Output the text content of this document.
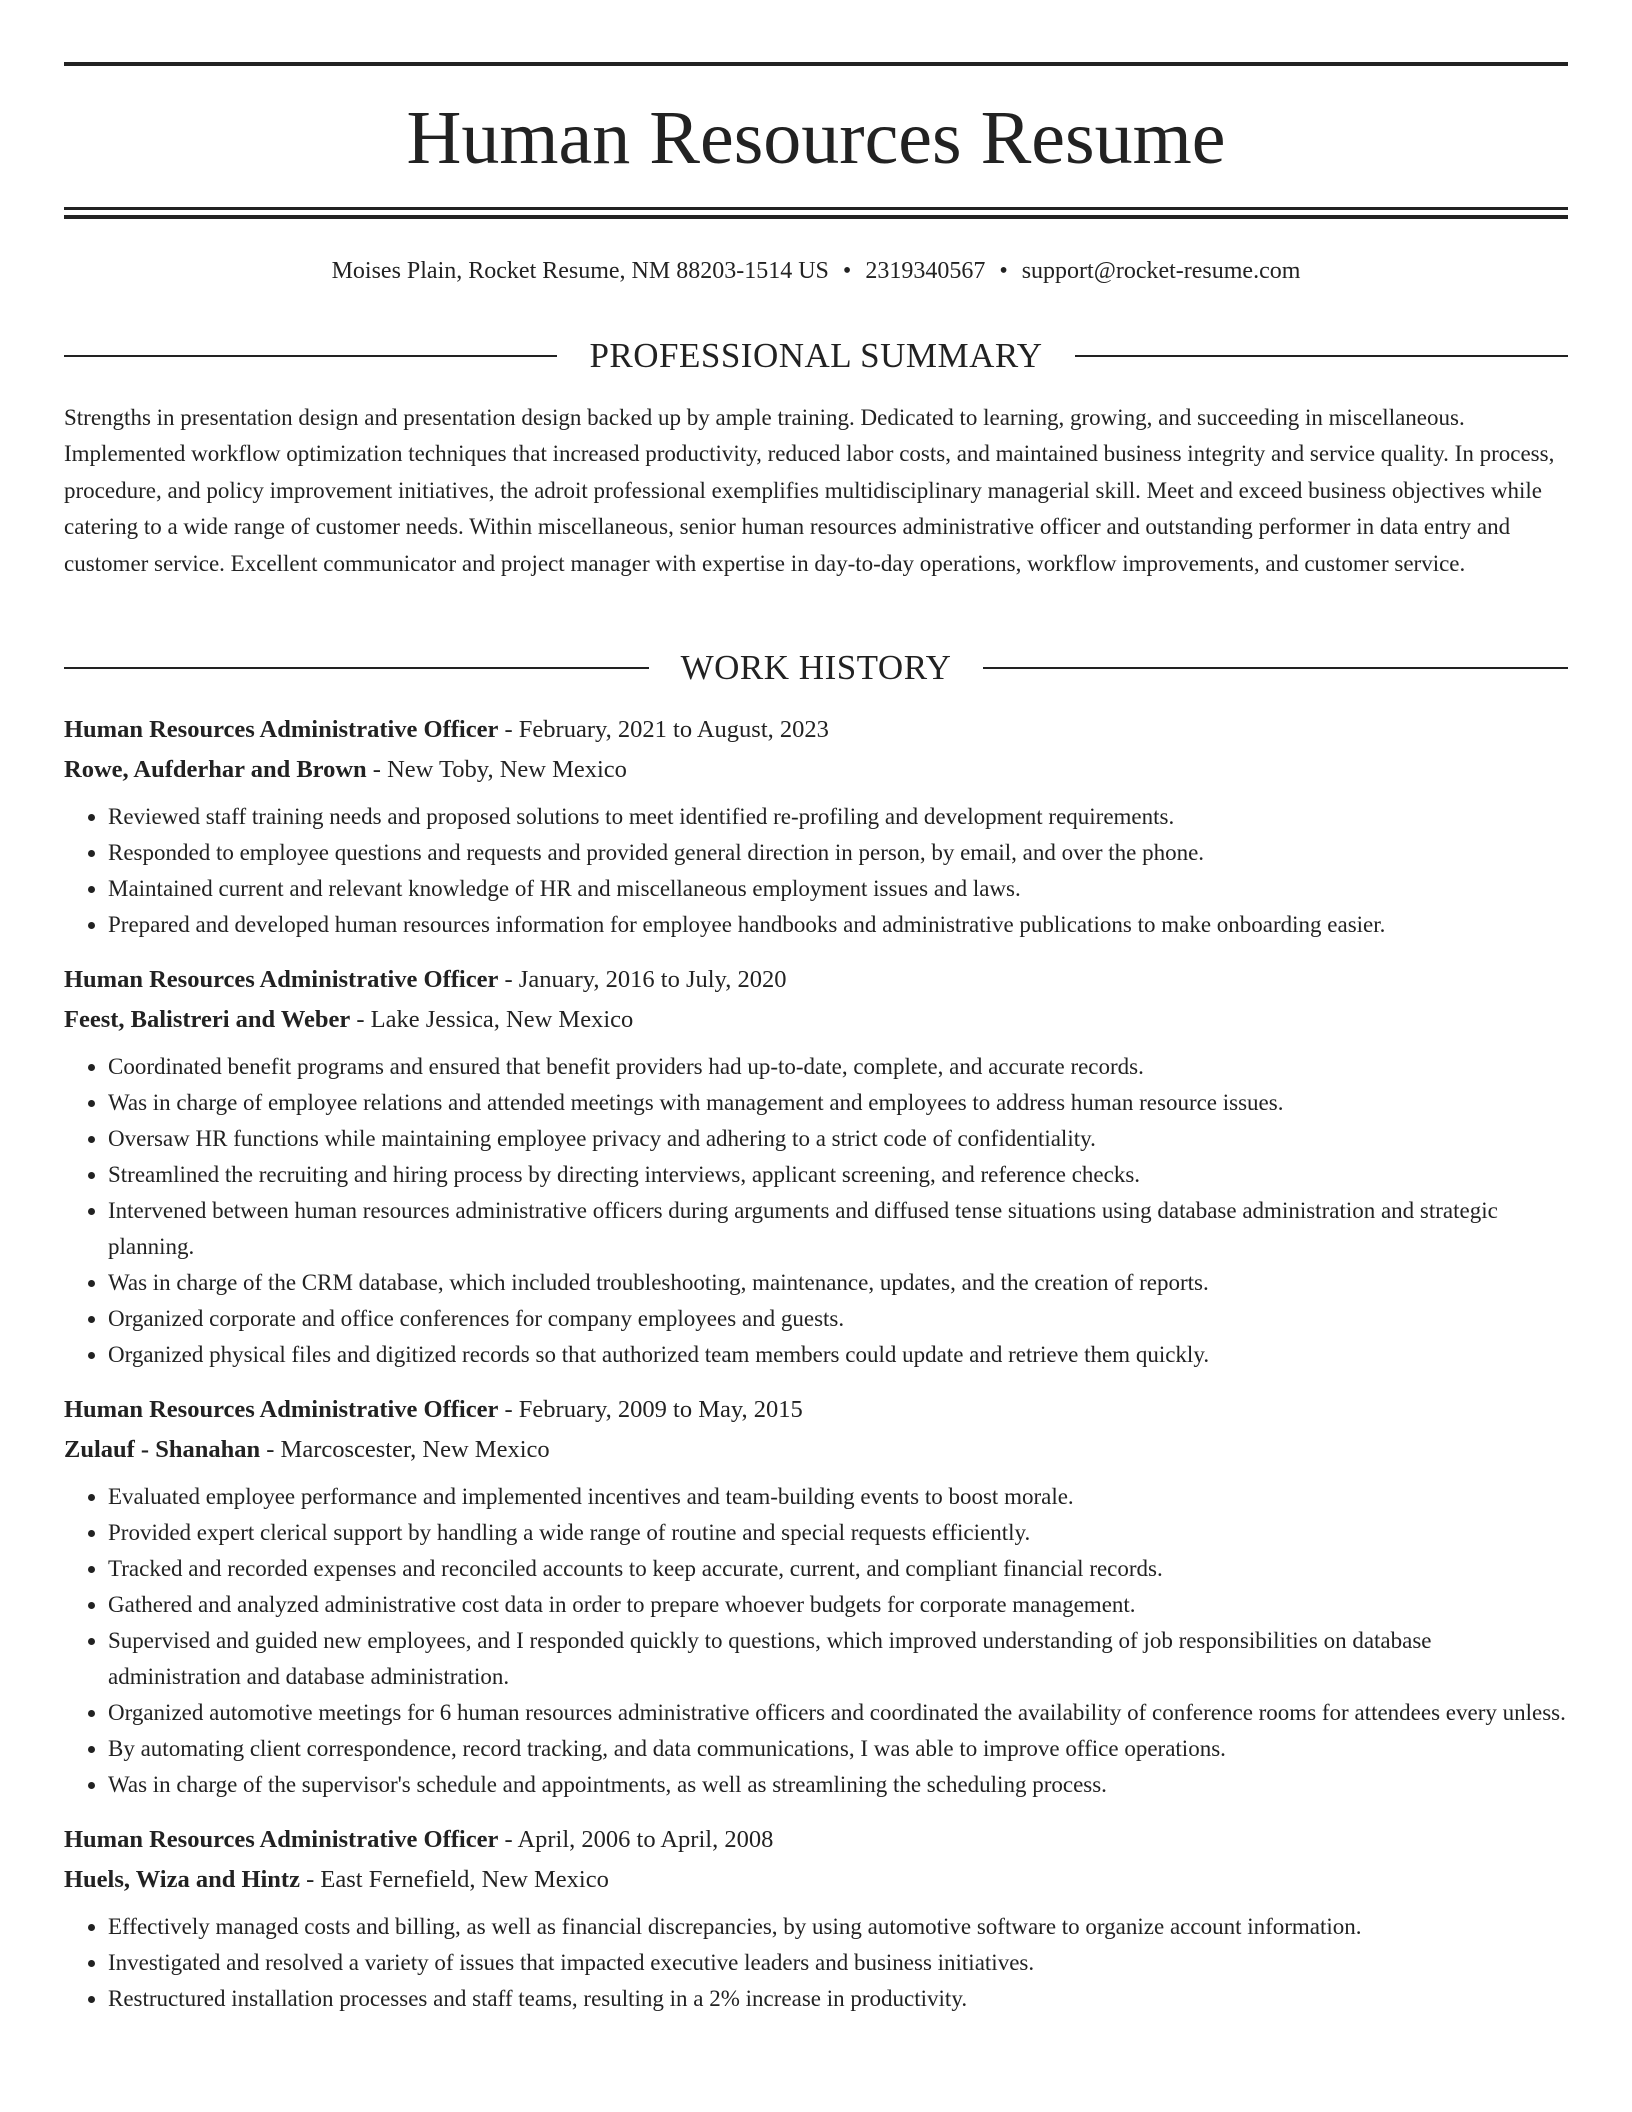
Human Resources Resume
Moises Plain, Rocket Resume, NM 88203-1514 US • 2319340567 • support@rocket-resume.com
PROFESSIONAL SUMMARY

Strengths in presentation design and presentation design backed up by ample training. Dedicated to learning, growing, and succeeding in miscellaneous. Implemented workflow optimization techniques that increased productivity, reduced labor costs, and maintained business integrity and service quality. In process, procedure, and policy improvement initiatives, the adroit professional exemplifies multidisciplinary managerial skill. Meet and exceed business objectives while catering to a wide range of customer needs. Within miscellaneous, senior human resources administrative officer and outstanding performer in data entry and customer service. Excellent communicator and project manager with expertise in day-to-day operations, workflow improvements, and customer service.

WORK HISTORY
Human Resources Administrative Officer - February, 2021 to August, 2023
Rowe, Aufderhar and Brown - New Toby, New Mexico
• Reviewed staff training needs and proposed solutions to meet identified re-profiling and development requirements.
• Responded to employee questions and requests and provided general direction in person, by email, and over the phone.
• Maintained current and relevant knowledge of HR and miscellaneous employment issues and laws.
• Prepared and developed human resources information for employee handbooks and administrative publications to make onboarding easier.
Human Resources Administrative Officer - January, 2016 to July, 2020
Feest, Balistreri and Weber - Lake Jessica, New Mexico
• Coordinated benefit programs and ensured that benefit providers had up-to-date, complete, and accurate records.
• Was in charge of employee relations and attended meetings with management and employees to address human resource issues.
• Oversaw HR functions while maintaining employee privacy and adhering to a strict code of confidentiality.
• Streamlined the recruiting and hiring process by directing interviews, applicant screening, and reference checks.
• Intervened between human resources administrative officers during arguments and diffused tense situations using database administration and strategic planning.
• Was in charge of the CRM database, which included troubleshooting, maintenance, updates, and the creation of reports.
• Organized corporate and office conferences for company employees and guests.
• Organized physical files and digitized records so that authorized team members could update and retrieve them quickly.
Human Resources Administrative Officer - February, 2009 to May, 2015
Zulauf - Shanahan - Marcoscester, New Mexico
• Evaluated employee performance and implemented incentives and team-building events to boost morale.
• Provided expert clerical support by handling a wide range of routine and special requests efficiently.
• Tracked and recorded expenses and reconciled accounts to keep accurate, current, and compliant financial records.
• Gathered and analyzed administrative cost data in order to prepare whoever budgets for corporate management.
• Supervised and guided new employees, and I responded quickly to questions, which improved understanding of job responsibilities on database administration and database administration.
• Organized automotive meetings for 6 human resources administrative officers and coordinated the availability of conference rooms for attendees every unless.
• By automating client correspondence, record tracking, and data communications, I was able to improve office operations.
• Was in charge of the supervisor's schedule and appointments, as well as streamlining the scheduling process.
Human Resources Administrative Officer - April, 2006 to April, 2008
Huels, Wiza and Hintz - East Fernefield, New Mexico
• Effectively managed costs and billing, as well as financial discrepancies, by using automotive software to organize account information.
• Investigated and resolved a variety of issues that impacted executive leaders and business initiatives.
• Restructured installation processes and staff teams, resulting in a 2% increase in productivity.
